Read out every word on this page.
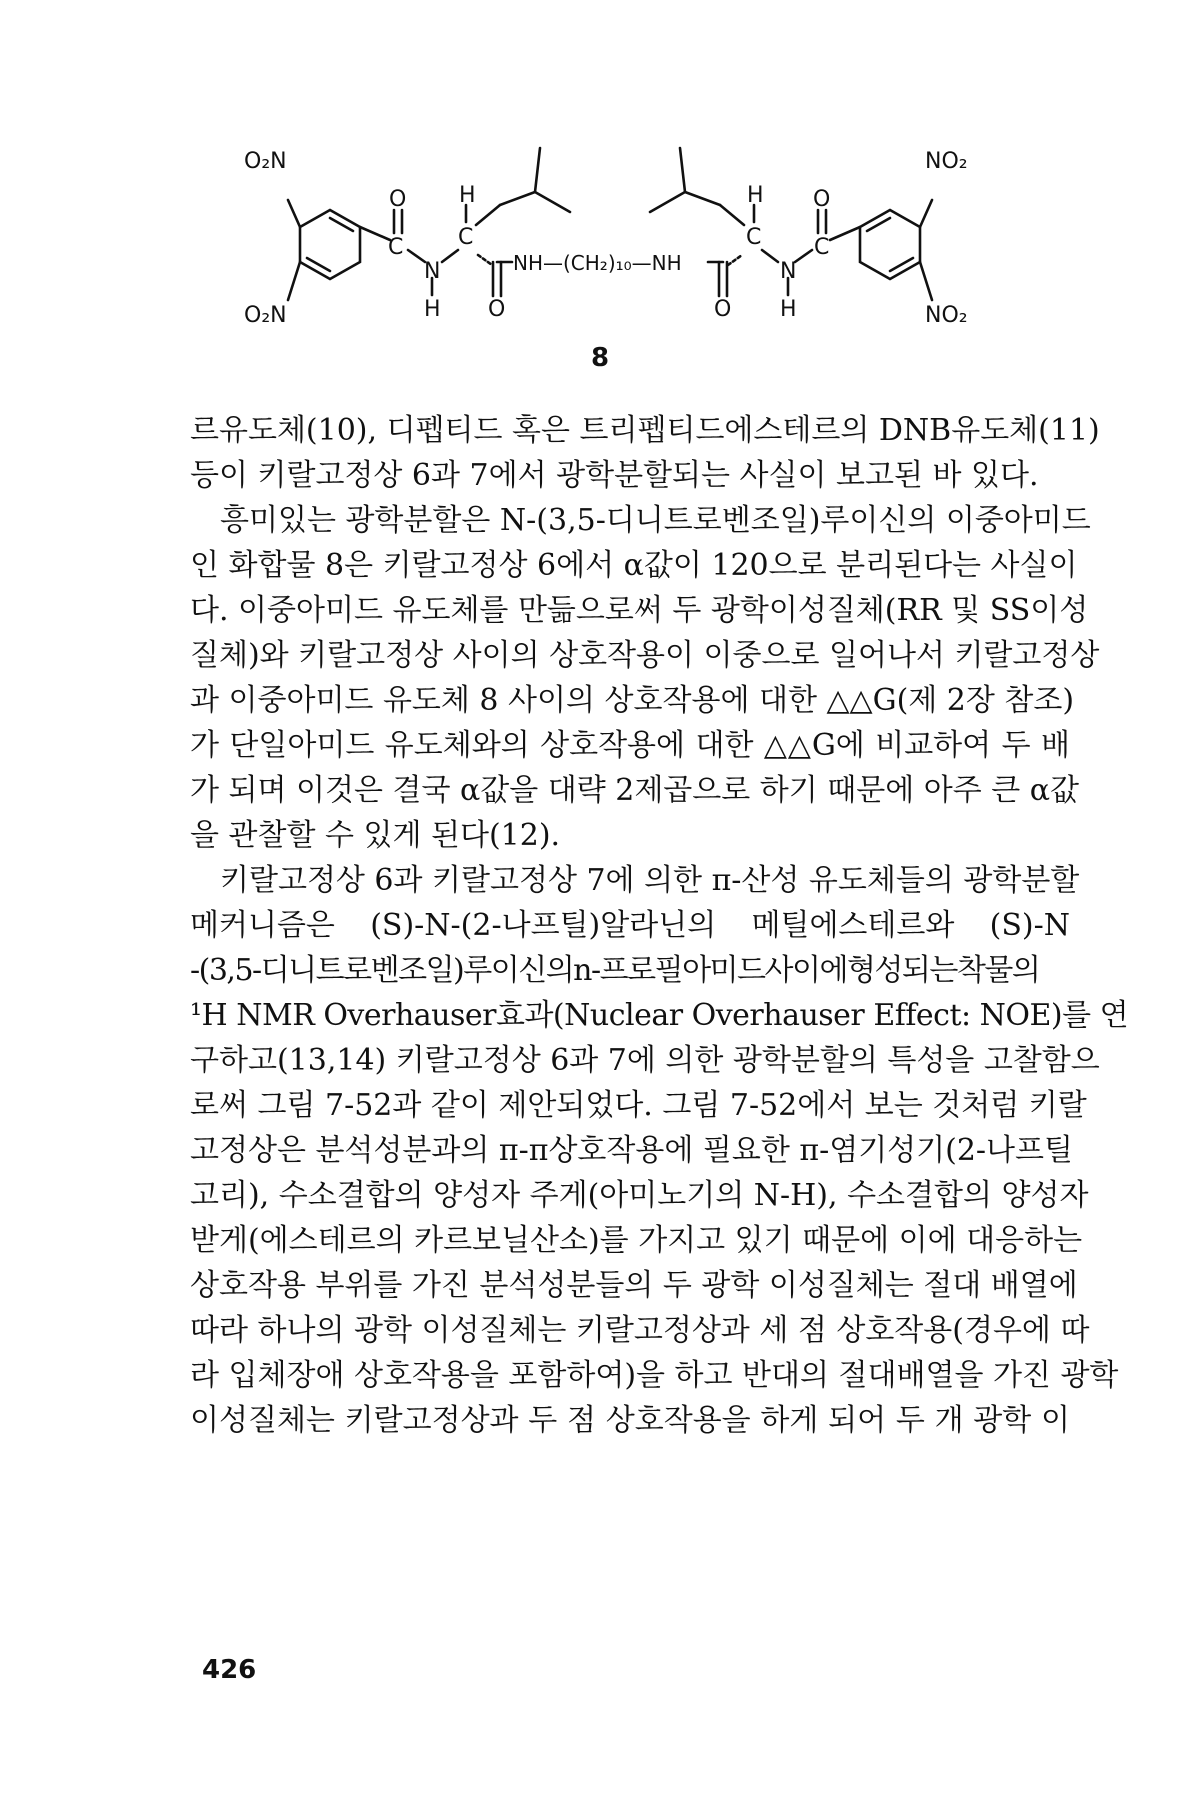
O₂N
O₂N
O H
C
N
C
H O
NH—(CH₂)₁₀—NH
O
C
H
N
H
O
C
NO₂
NO₂
8
르유도체(10), 디펩티드 혹은 트리펩티드에스테르의 DNB유도체(11)
등이 키랄고정상 6과 7에서 광학분할되는 사실이 보고된 바 있다.
흥미있는 광학분할은 N-(3,5-디니트로벤조일)루이신의 이중아미드
인 화합물 8은 키랄고정상 6에서 α값이 120으로 분리된다는 사실이
다. 이중아미드 유도체를 만듦으로써 두 광학이성질체(RR 및 SS이성
질체)와 키랄고정상 사이의 상호작용이 이중으로 일어나서 키랄고정상
과 이중아미드 유도체 8 사이의 상호작용에 대한 △△G(제 2장 참조)
가 단일아미드 유도체와의 상호작용에 대한 △△G에 비교하여 두 배
가 되며 이것은 결국 α값을 대략 2제곱으로 하기 때문에 아주 큰 α값
을 관찰할 수 있게 된다(12).
키랄고정상 6과 키랄고정상 7에 의한 π-산성 유도체들의 광학분할
메커니즘은 (S)-N-(2-나프틸)알라닌의 메틸에스테르와 (S)-N
-(3,5-디니트로벤조일)루이신의n-프로필아미드사이에형성되는착물의
¹H NMR Overhauser효과(Nuclear Overhauser Effect: NOE)를 연
구하고(13,14) 키랄고정상 6과 7에 의한 광학분할의 특성을 고찰함으
로써 그림 7-52과 같이 제안되었다. 그림 7-52에서 보는 것처럼 키랄
고정상은 분석성분과의 π-π상호작용에 필요한 π-염기성기(2-나프틸
고리), 수소결합의 양성자 주게(아미노기의 N-H), 수소결합의 양성자
받게(에스테르의 카르보닐산소)를 가지고 있기 때문에 이에 대응하는
상호작용 부위를 가진 분석성분들의 두 광학 이성질체는 절대 배열에
따라 하나의 광학 이성질체는 키랄고정상과 세 점 상호작용(경우에 따
라 입체장애 상호작용을 포함하여)을 하고 반대의 절대배열을 가진 광학
이성질체는 키랄고정상과 두 점 상호작용을 하게 되어 두 개 광학 이
426
